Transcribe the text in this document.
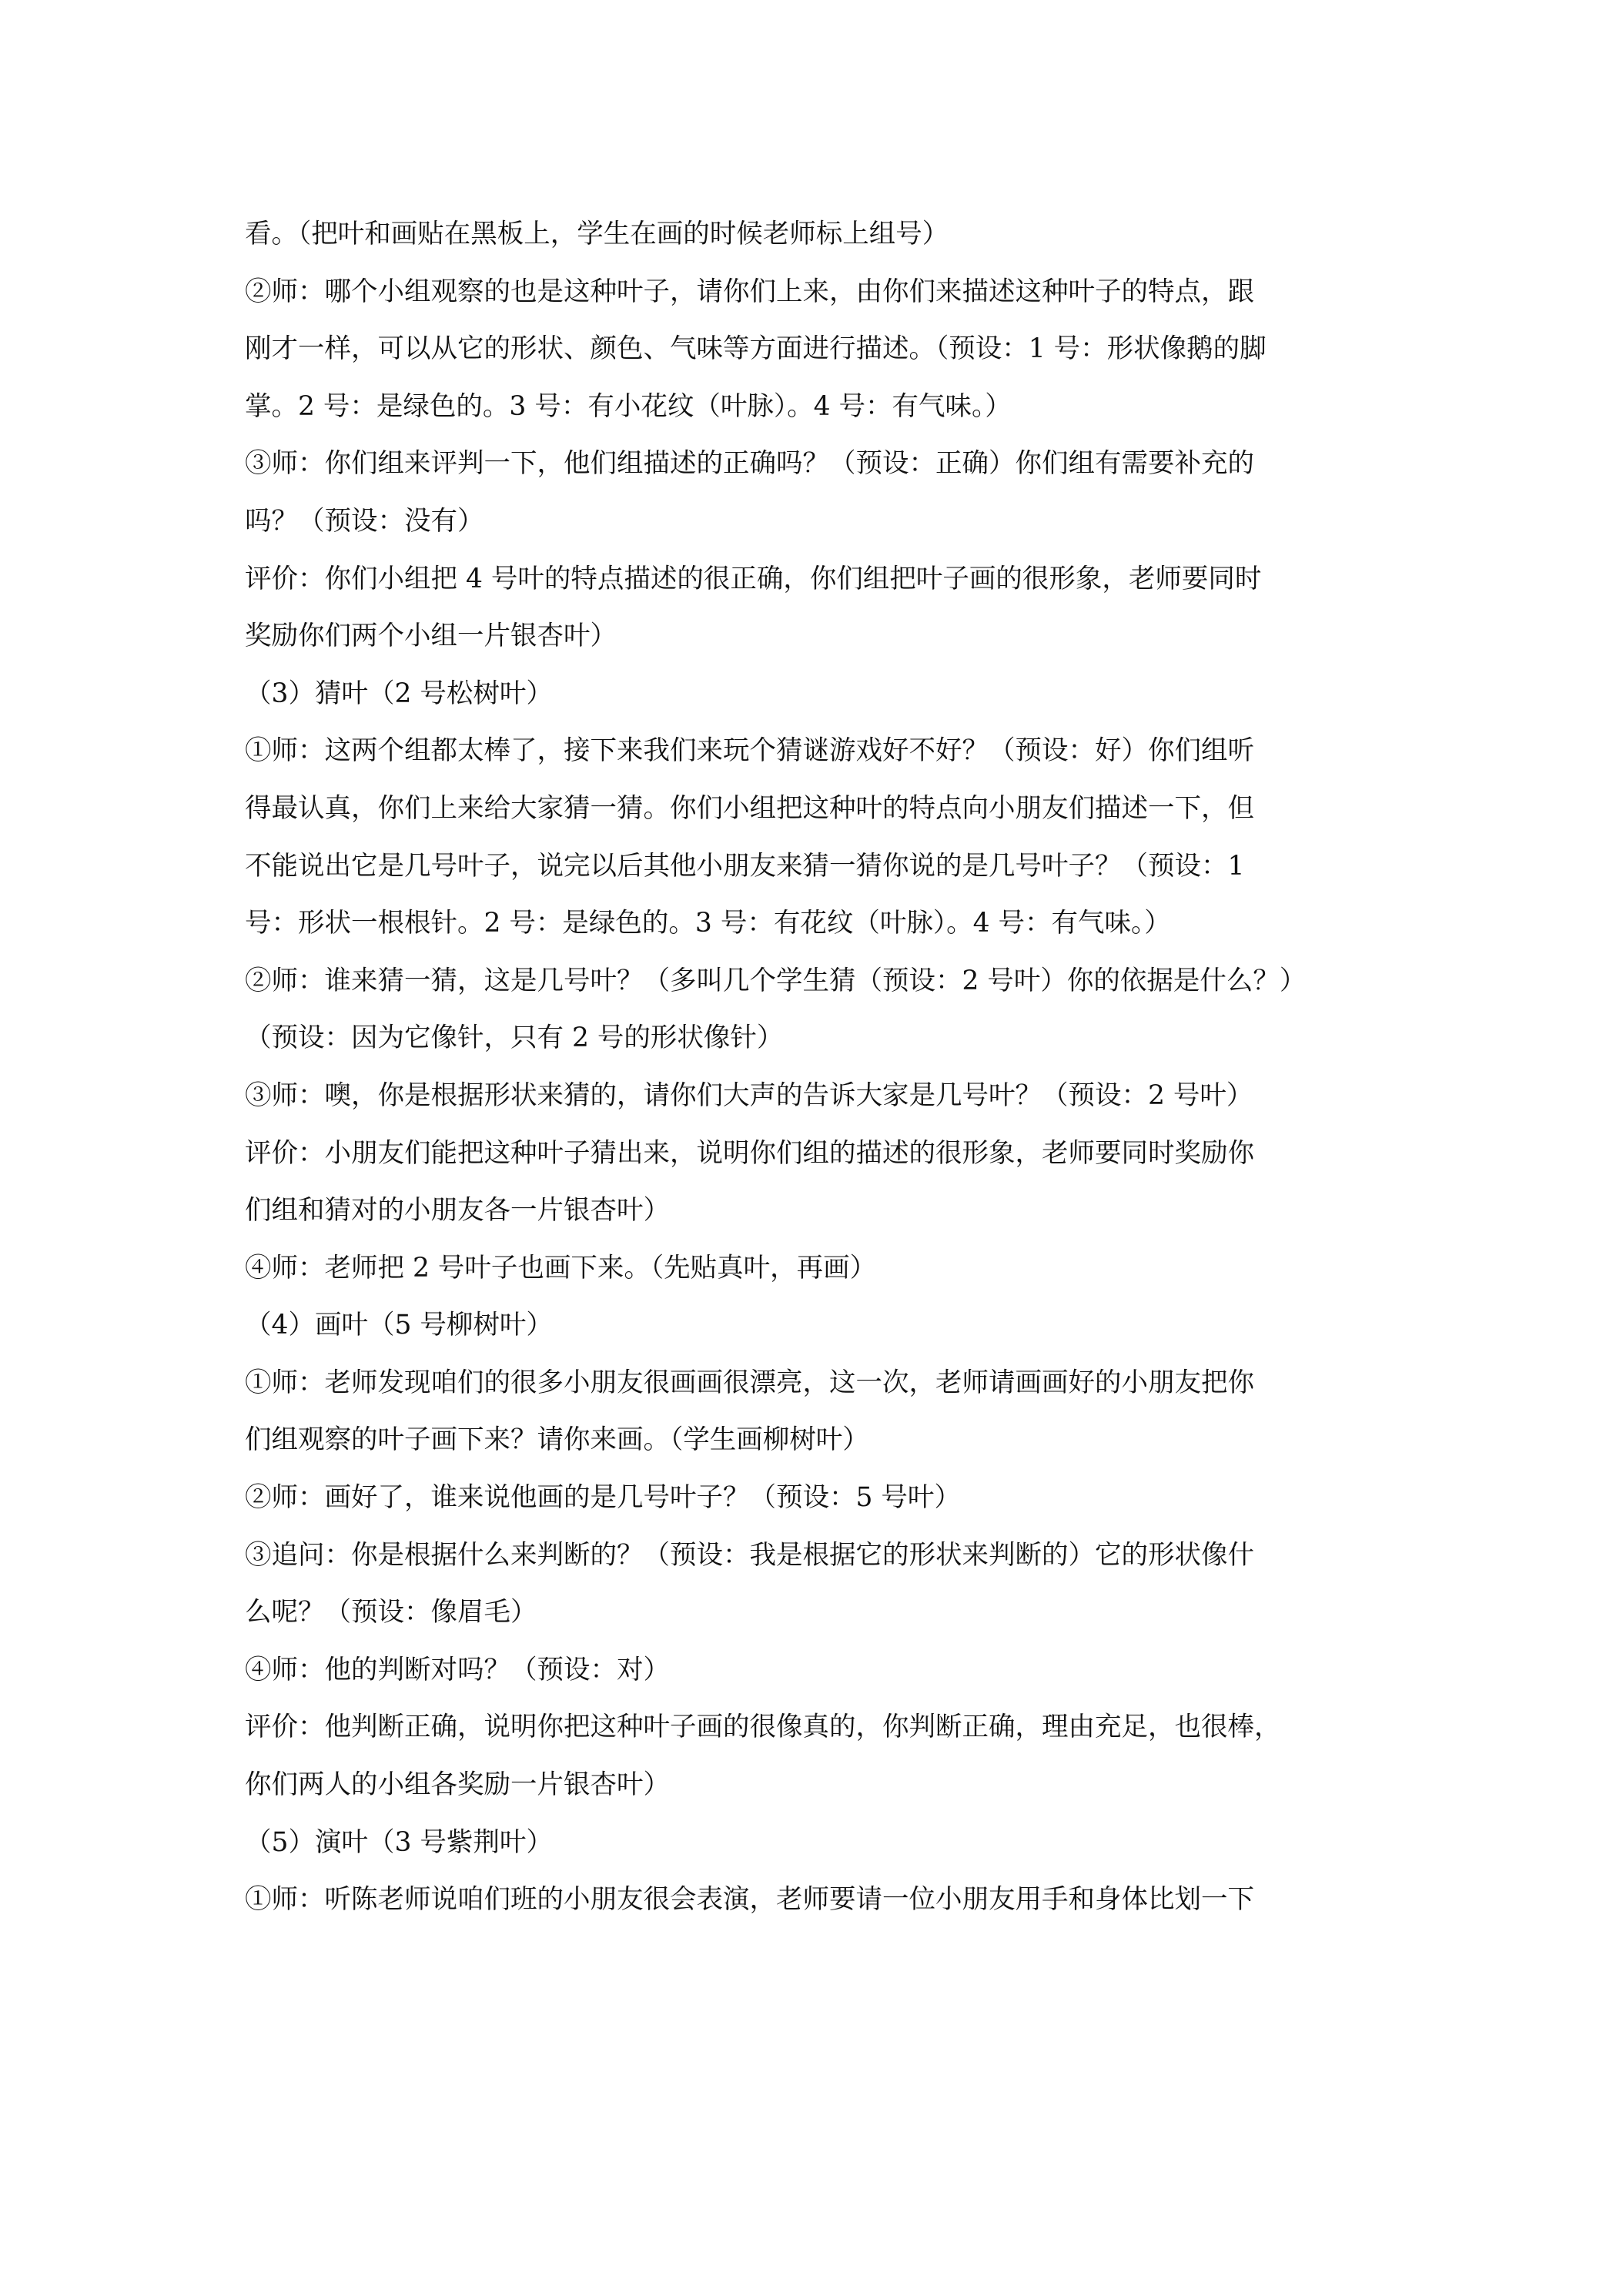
看。（把叶和画贴在黑板上，学生在画的时候老师标上组号）
②师：哪个小组观察的也是这种叶子，请你们上来，由你们来描述这种叶子的特点，跟
刚才一样，可以从它的形状、颜色、气味等方面进行描述。（预设：1 号：形状像鹅的脚
掌。2 号：是绿色的。3 号：有小花纹（叶脉）。4 号：有气味。）
③师：你们组来评判一下，他们组描述的正确吗？（预设：正确）你们组有需要补充的
吗？（预设：没有）
评价：你们小组把 4 号叶的特点描述的很正确，你们组把叶子画的很形象，老师要同时
奖励你们两个小组一片银杏叶）
（3）猜叶（2 号松树叶）
①师：这两个组都太棒了，接下来我们来玩个猜谜游戏好不好？（预设：好）你们组听
得最认真，你们上来给大家猜一猜。你们小组把这种叶的特点向小朋友们描述一下，但
不能说出它是几号叶子，说完以后其他小朋友来猜一猜你说的是几号叶子？（预设：1
号：形状一根根针。2 号：是绿色的。3 号：有花纹（叶脉）。4 号：有气味。）
②师：谁来猜一猜，这是几号叶？（多叫几个学生猜（预设：2 号叶）你的依据是什么？）
（预设：因为它像针，只有 2 号的形状像针）
③师：噢，你是根据形状来猜的，请你们大声的告诉大家是几号叶？（预设：2 号叶）
评价：小朋友们能把这种叶子猜出来，说明你们组的描述的很形象，老师要同时奖励你
们组和猜对的小朋友各一片银杏叶）
④师：老师把 2 号叶子也画下来。（先贴真叶，再画）
（4）画叶（5 号柳树叶）
①师：老师发现咱们的很多小朋友很画画很漂亮，这一次，老师请画画好的小朋友把你
们组观察的叶子画下来？请你来画。（学生画柳树叶）
②师：画好了，谁来说他画的是几号叶子？（预设：5 号叶）
③追问：你是根据什么来判断的？（预设：我是根据它的形状来判断的）它的形状像什
么呢？（预设：像眉毛）
④师：他的判断对吗？（预设：对）
评价：他判断正确，说明你把这种叶子画的很像真的，你判断正确，理由充足，也很棒，
你们两人的小组各奖励一片银杏叶）
（5）演叶（3 号紫荆叶）
①师：听陈老师说咱们班的小朋友很会表演，老师要请一位小朋友用手和身体比划一下
